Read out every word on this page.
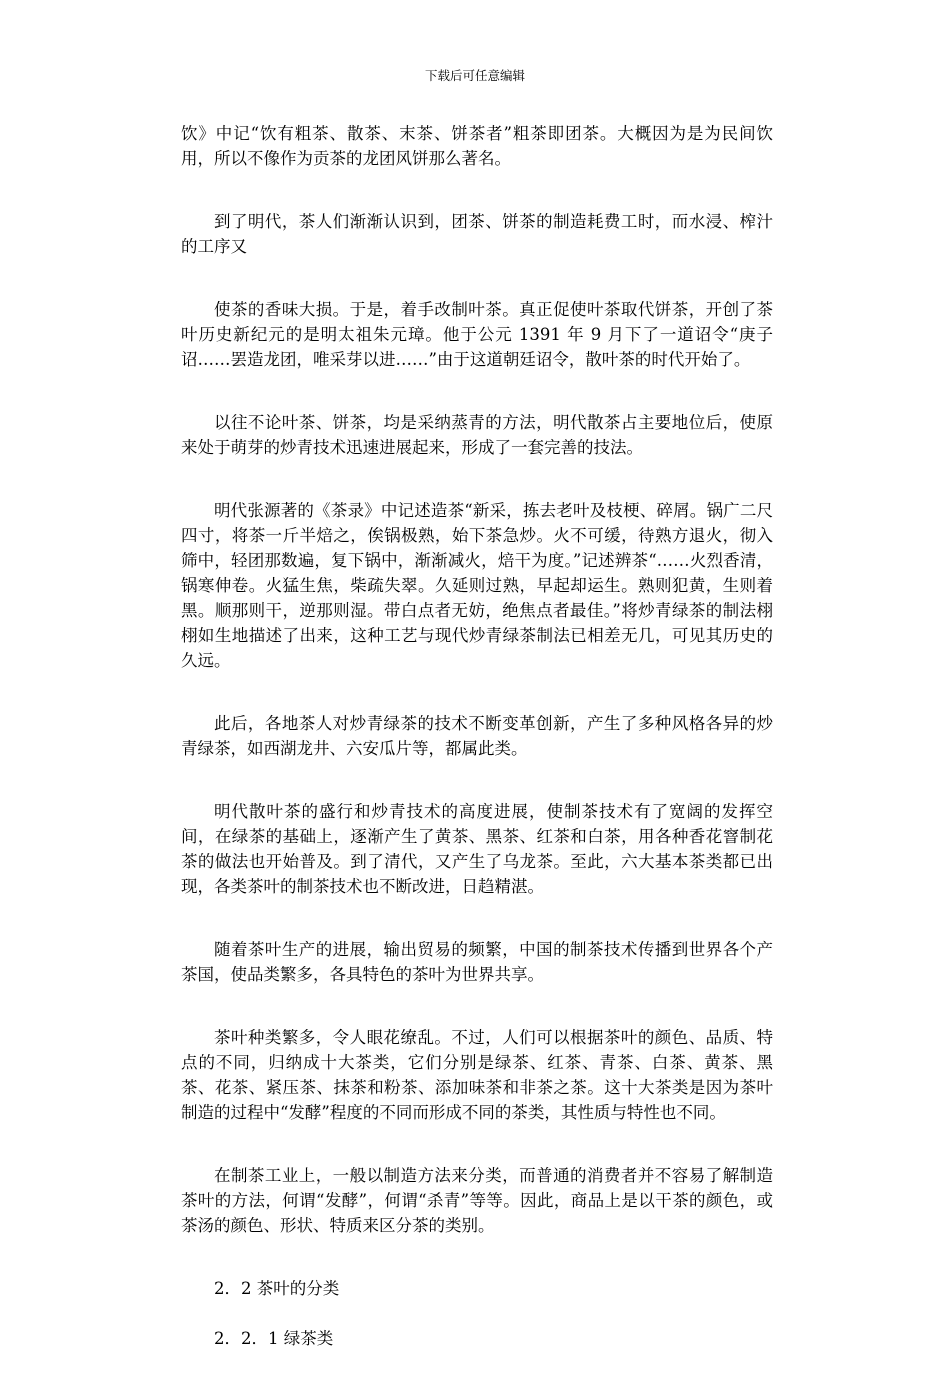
下载后可任意编辑

饮》中记“饮有粗茶、散茶、末茶、饼茶者”粗茶即团茶。大概因为是为民间饮用，所以不像作为贡茶的龙团风饼那么著名。

到了明代，茶人们渐渐认识到，团茶、饼茶的制造耗费工时，而水浸、榨汁的工序又

使茶的香味大损。于是，着手改制叶茶。真正促使叶茶取代饼茶，开创了茶叶历史新纪元的是明太祖朱元璋。他于公元 1391 年 9 月下了一道诏令“庚子诏……罢造龙团，唯采芽以进……”由于这道朝廷诏令，散叶茶的时代开始了。

以往不论叶茶、饼茶，均是采纳蒸青的方法，明代散茶占主要地位后，使原来处于萌芽的炒青技术迅速进展起来，形成了一套完善的技法。

明代张源著的《茶录》中记述造茶“新采，拣去老叶及枝梗、碎屑。锅广二尺四寸，将茶一斤半焙之，俟锅极熟，始下茶急炒。火不可缓，待熟方退火，彻入筛中，轻团那数遍，复下锅中，渐渐减火，焙干为度。”记述辨茶“……火烈香清，锅寒伸卷。火猛生焦，柴疏失翠。久延则过熟，早起却运生。熟则犯黄，生则着黑。顺那则干，逆那则湿。带白点者无妨，绝焦点者最佳。”将炒青绿茶的制法栩栩如生地描述了出来，这种工艺与现代炒青绿茶制法已相差无几，可见其历史的久远。

此后，各地茶人对炒青绿茶的技术不断变革创新，产生了多种风格各异的炒青绿茶，如西湖龙井、六安瓜片等，都属此类。

明代散叶茶的盛行和炒青技术的高度进展，使制茶技术有了宽阔的发挥空间，在绿茶的基础上，逐渐产生了黄茶、黑茶、红茶和白茶，用各种香花窨制花茶的做法也开始普及。到了清代，又产生了乌龙茶。至此，六大基本茶类都已出现，各类茶叶的制茶技术也不断改进，日趋精湛。

随着茶叶生产的进展，输出贸易的频繁，中国的制茶技术传播到世界各个产茶国，使品类繁多，各具特色的茶叶为世界共享。

茶叶种类繁多，令人眼花缭乱。不过，人们可以根据茶叶的颜色、品质、特点的不同，归纳成十大茶类，它们分别是绿茶、红茶、青茶、白茶、黄茶、黑茶、花茶、紧压茶、抹茶和粉茶、添加味茶和非茶之茶。这十大茶类是因为茶叶制造的过程中“发酵”程度的不同而形成不同的茶类，其性质与特性也不同。

在制茶工业上，一般以制造方法来分类，而普通的消费者并不容易了解制造茶叶的方法，何谓“发酵”，何谓“杀青”等等。因此，商品上是以干茶的颜色，或茶汤的颜色、形状、特质来区分茶的类别。

2．2 茶叶的分类

2．2．1 绿茶类
